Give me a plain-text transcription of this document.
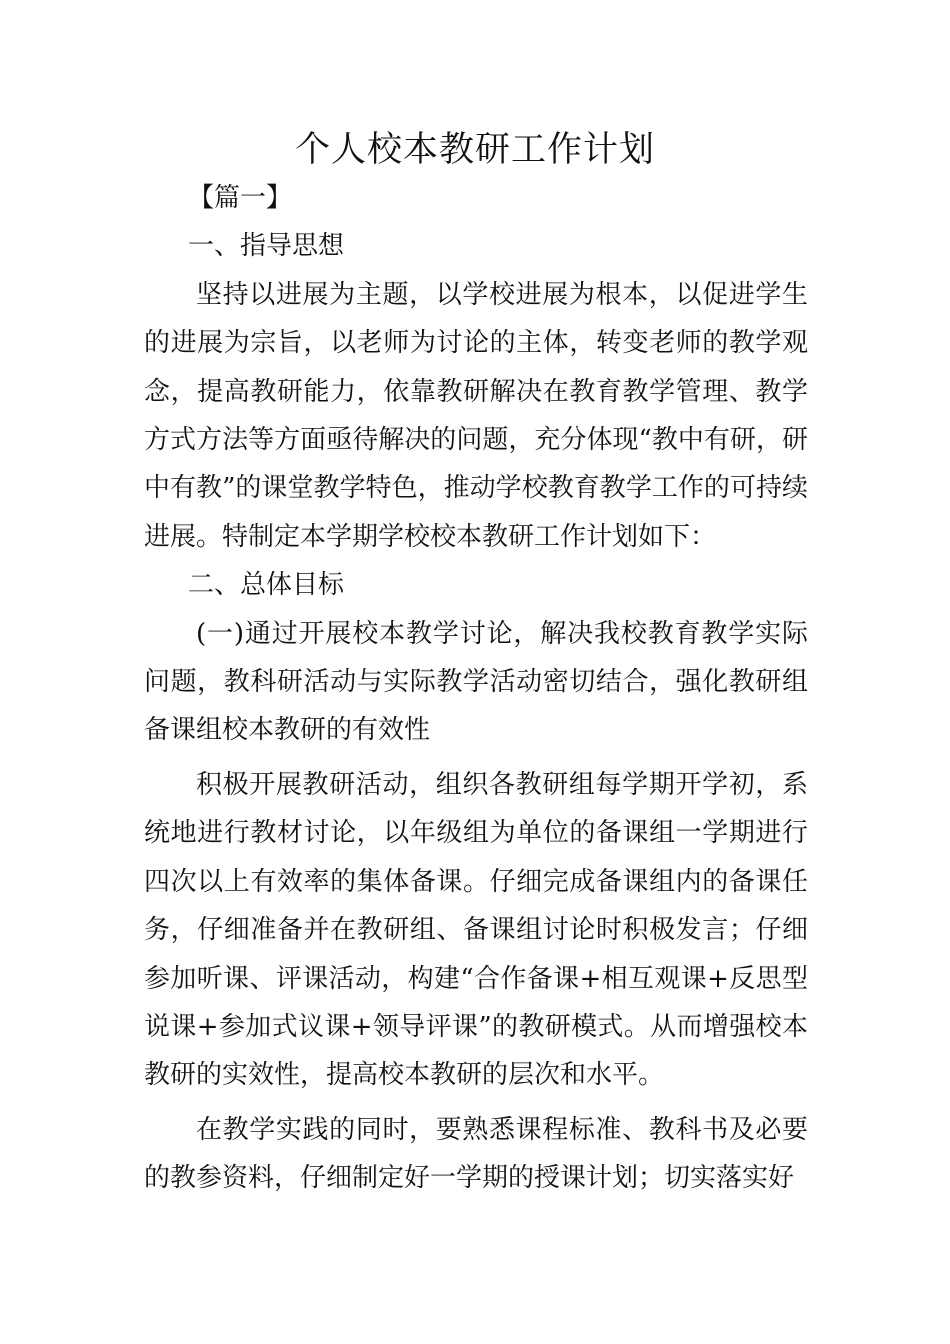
个人校本教研工作计划

【篇一】

一、指导思想

坚持以进展为主题，以学校进展为根本，以促进学生的进展为宗旨，以老师为讨论的主体，转变老师的教学观念，提高教研能力，依靠教研解决在教育教学管理、教学方式方法等方面亟待解决的问题，充分体现“教中有研，研中有教”的课堂教学特色，推动学校教育教学工作的可持续进展。特制定本学期学校校本教研工作计划如下：

二、总体目标

(一)通过开展校本教学讨论，解决我校教育教学实际问题，教科研活动与实际教学活动密切结合，强化教研组备课组校本教研的有效性

积极开展教研活动，组织各教研组每学期开学初，系统地进行教材讨论，以年级组为单位的备课组一学期进行四次以上有效率的集体备课。仔细完成备课组内的备课任务，仔细准备并在教研组、备课组讨论时积极发言；仔细参加听课、评课活动，构建“合作备课+相互观课+反思型说课+参加式议课+领导评课”的教研模式。从而增强校本教研的实效性，提高校本教研的层次和水平。

在教学实践的同时，要熟悉课程标准、教科书及必要的教参资料，仔细制定好一学期的授课计划；切实落实好
